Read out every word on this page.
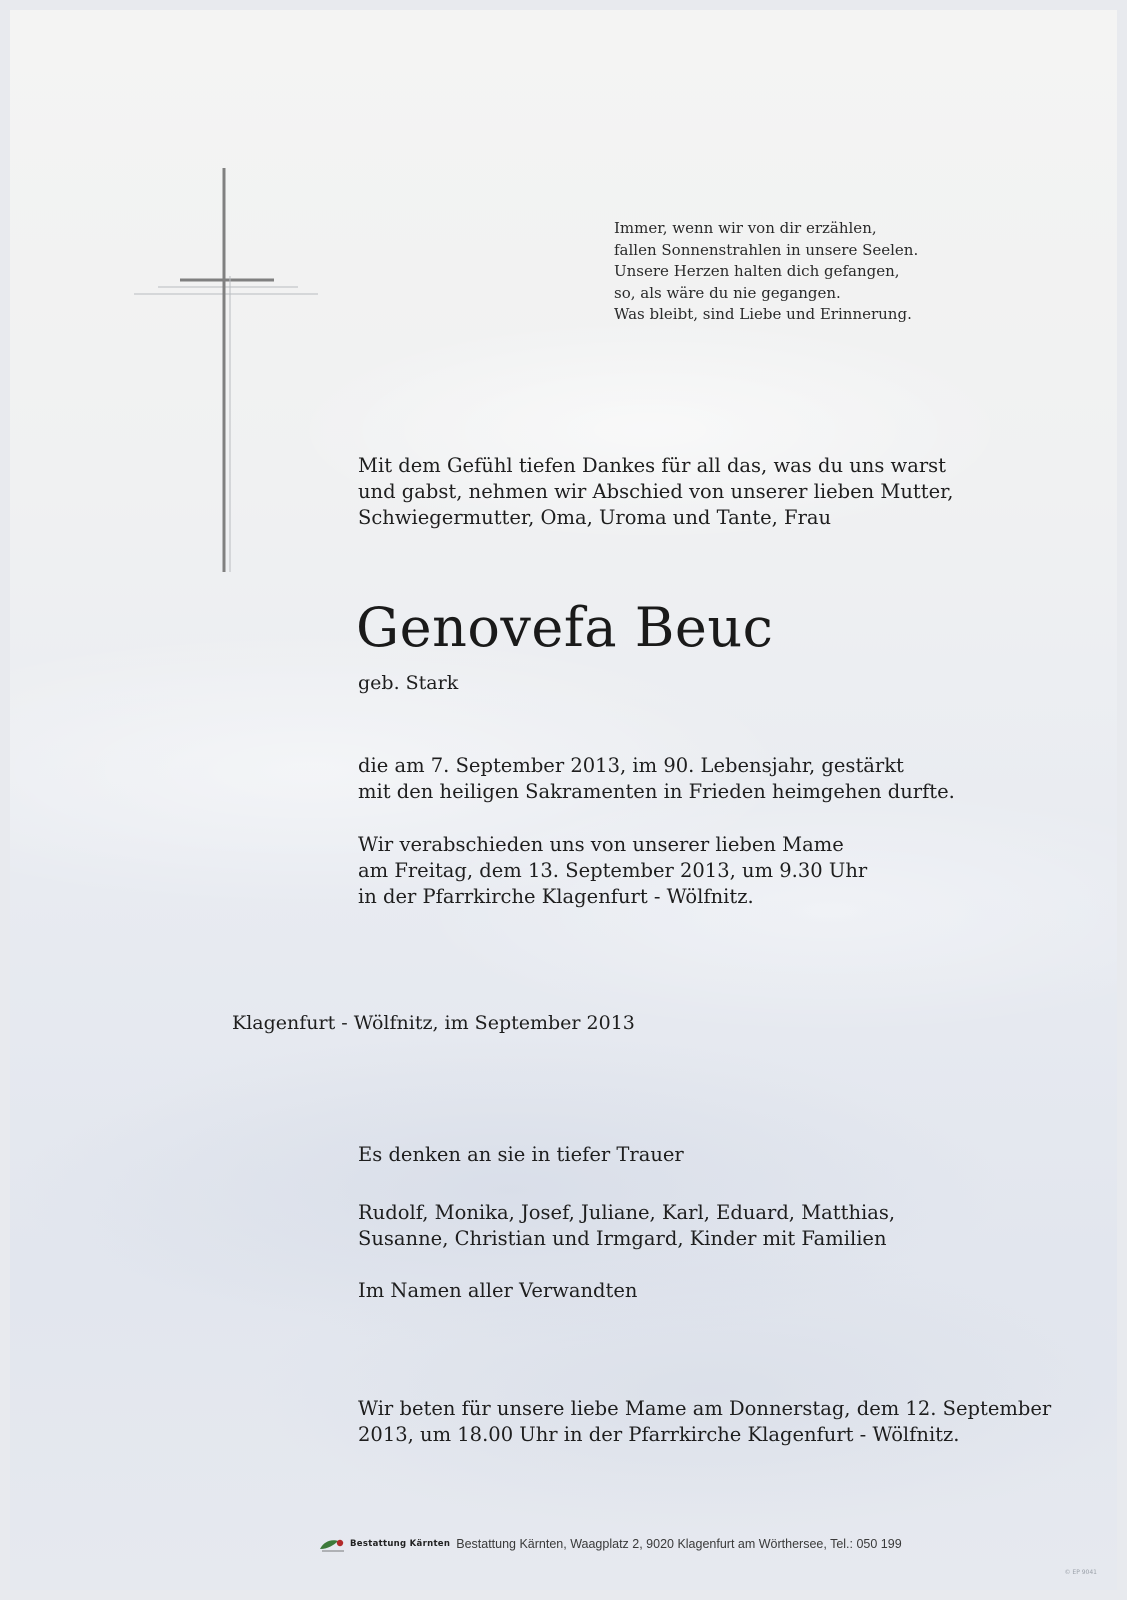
Immer, wenn wir von dir erzählen,
fallen Sonnenstrahlen in unsere Seelen.
Unsere Herzen halten dich gefangen,
so, als wäre du nie gegangen.
Was bleibt, sind Liebe und Erinnerung.
Mit dem Gefühl tiefen Dankes für all das, was du uns warst
und gabst, nehmen wir Abschied von unserer lieben Mutter,
Schwiegermutter, Oma, Uroma und Tante, Frau
Genovefa Beuc
geb. Stark
die am 7. September 2013, im 90. Lebensjahr, gestärkt
mit den heiligen Sakramenten in Frieden heimgehen durfte.
Wir verabschieden uns von unserer lieben Mame
am Freitag, dem 13. September 2013, um 9.30 Uhr
in der Pfarrkirche Klagenfurt - Wölfnitz.
Klagenfurt - Wölfnitz, im September 2013
Es denken an sie in tiefer Trauer
Rudolf, Monika, Josef, Juliane, Karl, Eduard, Matthias,
Susanne, Christian und Irmgard, Kinder mit Familien
Im Namen aller Verwandten
Wir beten für unsere liebe Mame am Donnerstag, dem 12. September
2013, um 18.00 Uhr in der Pfarrkirche Klagenfurt - Wölfnitz.
Bestattung Kärnten Bestattung Kärnten, Waagplatz 2, 9020 Klagenfurt am Wörthersee, Tel.: 050 199
© EP 9041
